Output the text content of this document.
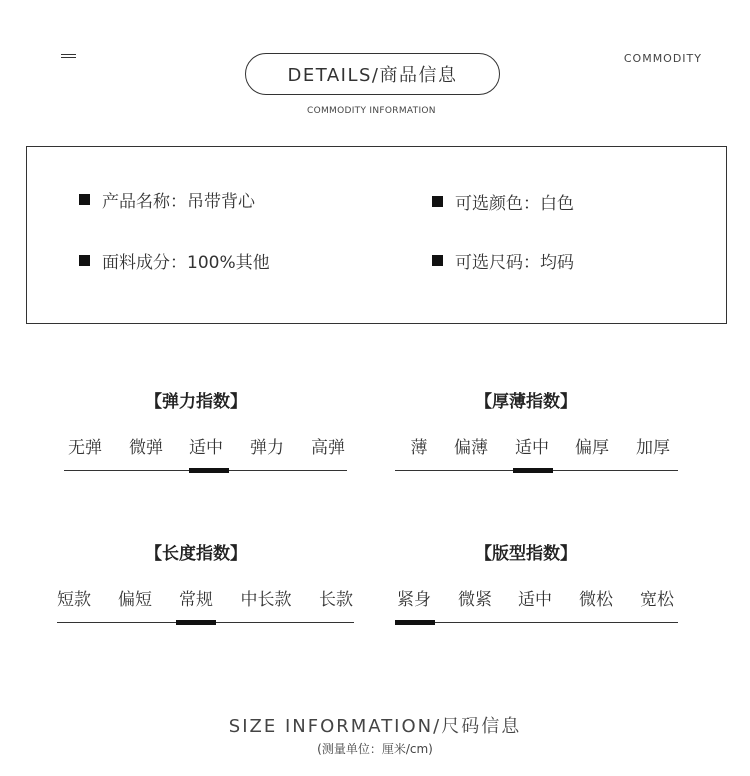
COMMODITY
DETAILS/商品信息
COMMODITY INFORMATION
产品名称：吊带背心	可选颜色：白色
面料成分：100%其他	可选尺码：均码
【弹力指数】
无弹 微弹 适中 弹力 高弹
【厚薄指数】
薄 偏薄 适中 偏厚 加厚
【长度指数】
短款 偏短 常规 中长款 长款
【版型指数】
紧身 微紧 适中 微松 宽松
SIZE INFORMATION/尺码信息
(测量单位：厘米/cm)
